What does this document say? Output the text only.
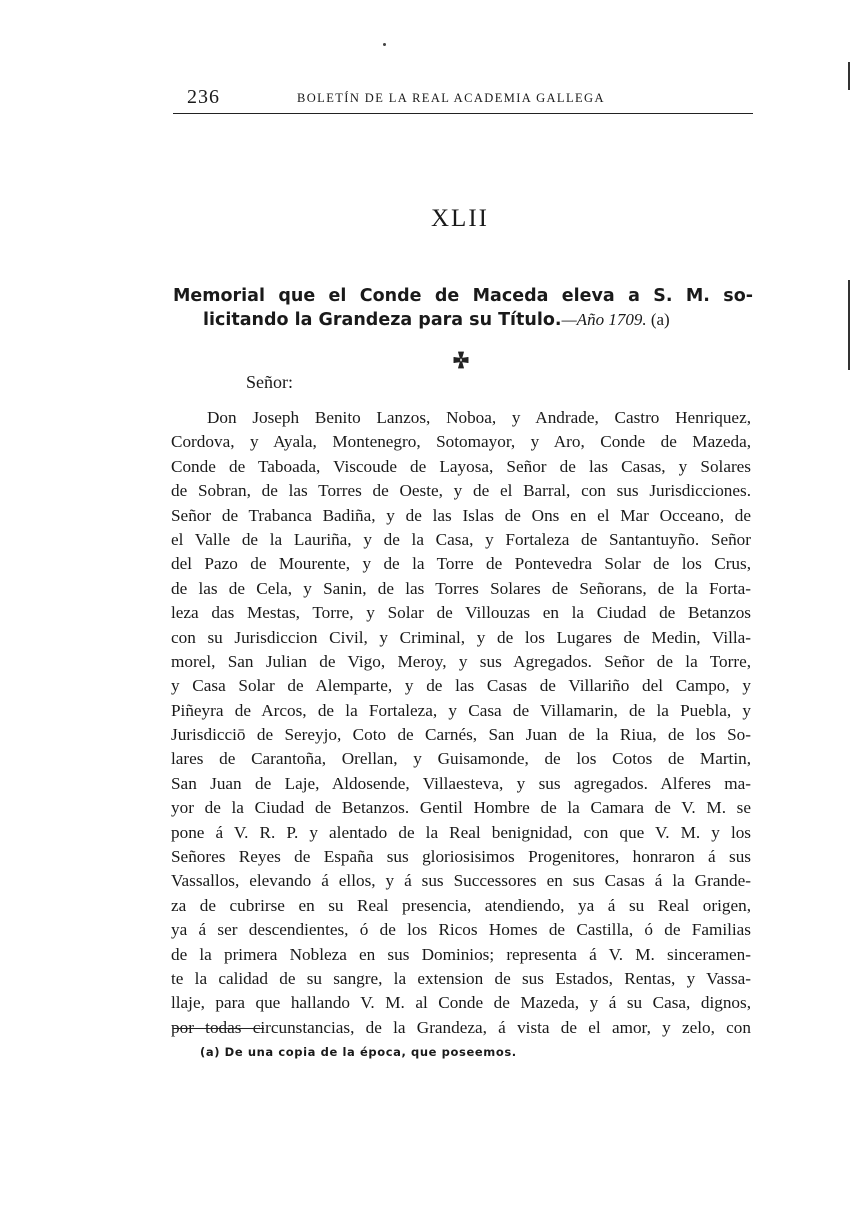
236	BOLETÍN DE LA REAL ACADEMIA GALLEGA
XLII
Memorial que el Conde de Maceda eleva a S. M. so-
licitando la Grandeza para su Título.—Año 1709. (a)
Señor:
Don Joseph Benito Lanzos, Noboa, y Andrade, Castro Henriquez,
Cordova, y Ayala, Montenegro, Sotomayor, y Aro, Conde de Mazeda,
Conde de Taboada, Viscoude de Layosa, Señor de las Casas, y Solares
de Sobran, de las Torres de Oeste, y de el Barral, con sus Jurisdicciones.
Señor de Trabanca Badiña, y de las Islas de Ons en el Mar Occeano, de
el Valle de la Lauriña, y de la Casa, y Fortaleza de Santantuyño. Señor
del Pazo de Mourente, y de la Torre de Pontevedra Solar de los Crus,
de las de Cela, y Sanin, de las Torres Solares de Señorans, de la Forta-
leza das Mestas, Torre, y Solar de Villouzas en la Ciudad de Betanzos
con su Jurisdiccion Civil, y Criminal, y de los Lugares de Medin, Villa-
morel, San Julian de Vigo, Meroy, y sus Agregados. Señor de la Torre,
y Casa Solar de Alemparte, y de las Casas de Villariño del Campo, y
Piñeyra de Arcos, de la Fortaleza, y Casa de Villamarin, de la Puebla, y
Jurisdicciō de Sereyjo, Coto de Carnés, San Juan de la Riua, de los So-
lares de Carantoña, Orellan, y Guisamonde, de los Cotos de Martin,
San Juan de Laje, Aldosende, Villaesteva, y sus agregados. Alferes ma-
yor de la Ciudad de Betanzos. Gentil Hombre de la Camara de V. M. se
pone á V. R. P. y alentado de la Real benignidad, con que V. M. y los
Señores Reyes de España sus gloriosisimos Progenitores, honraron á sus
Vassallos, elevando á ellos, y á sus Successores en sus Casas á la Grande-
za de cubrirse en su Real presencia, atendiendo, ya á su Real origen,
ya á ser descendientes, ó de los Ricos Homes de Castilla, ó de Familias
de la primera Nobleza en sus Dominios; representa á V. M. sinceramen-
te la calidad de su sangre, la extension de sus Estados, Rentas, y Vassa-
llaje, para que hallando V. M. al Conde de Mazeda, y á su Casa, dignos,
por todas circunstancias, de la Grandeza, á vista de el amor, y zelo, con
(a) De una copia de la época, que poseemos.
